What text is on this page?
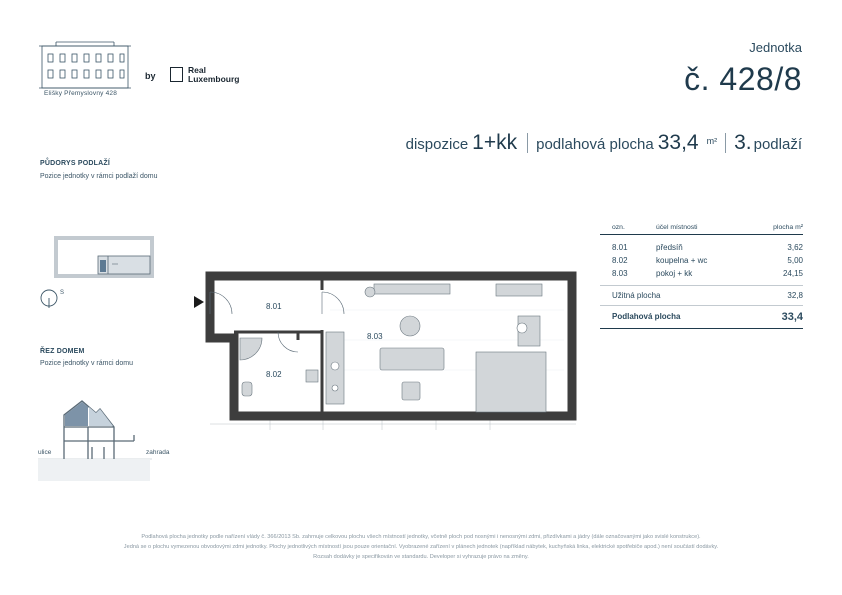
Elišky Přemyslovny 428
by
Real
Luxembourg
Jednotka
č. 428/8
dispozice 1+kk podlahová plocha 33,4 m² 3. podlaží
PŮDORYS PODLAŽÍ
Pozice jednotky v rámci podlaží domu
S
ŘEZ DOMEM
Pozice jednotky v rámci domu
ulice	zahrada
8.01
8.02
8.03
ozn.	účel místnosti	plocha m²

8.01	předsíň	3,62
8.02	koupelna + wc	5,00
8.03	pokoj + kk	24,15

Užitná plocha		32,8

Podlahová plocha		33,4

Podlahová plocha jednotky podle nařízení vlády č. 366/2013 Sb. zahrnuje celkovou plochu všech místností jednotky, včetně ploch pod nosnými i nenosnými zdmi, přizdívkami a jádry (dále označovanými jako svislé konstrukce).
Jedná se o plochu vymezenou obvodovými zdmi jednotky. Plochy jednotlivých místností jsou pouze orientační. Vyobrazené zařízení v plánech jednotek (například nábytek, kuchyňská linka, elektrické spotřebiče apod.) není součástí dodávky.
Rozsah dodávky je specifikován ve standardu. Developer si vyhrazuje právo na změny.
